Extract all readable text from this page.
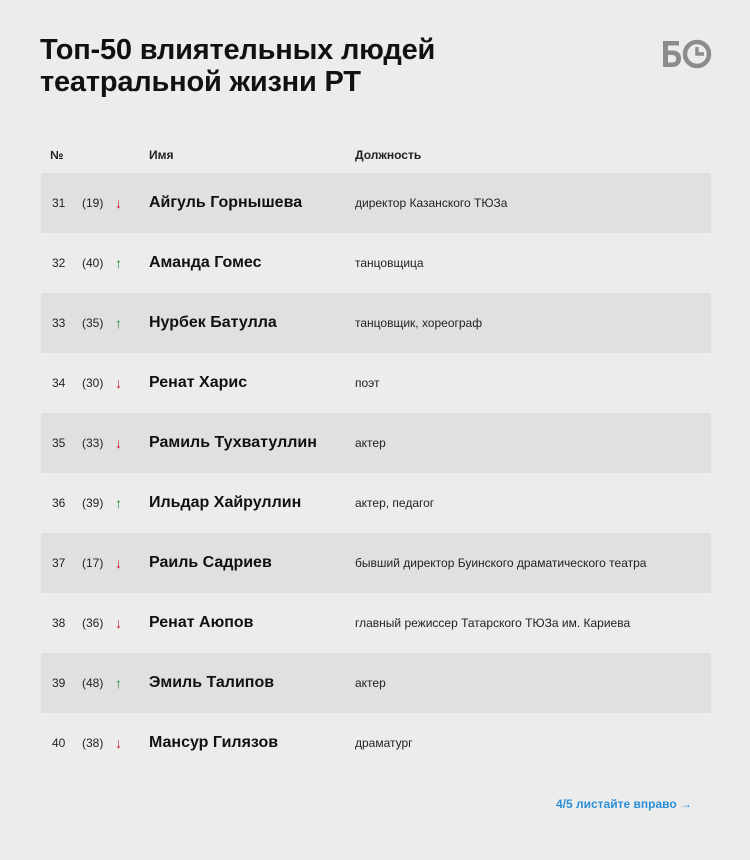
Топ-50 влиятельных людей
театральной жизни РТ
№	Имя	Должность
31 (19) ↓ Айгуль Горнышева	директор Казанского ТЮЗа
32 (40) ↑ Аманда Гомес	танцовщица
33 (35) ↑ Нурбек Батулла	танцовщик, хореограф
34 (30) ↓ Ренат Харис	поэт
35 (33) ↓ Рамиль Тухватуллин	актер
36 (39) ↑ Ильдар Хайруллин	актер, педагог
37 (17) ↓ Раиль Садриев	бывший директор Буинского драматического театра
38 (36) ↓ Ренат Аюпов	главный режиссер Татарского ТЮЗа им. Кариева
39 (48) ↑ Эмиль Талипов	актер
40 (38) ↓ Мансур Гилязов	драматург
4/5 листайте вправо →
